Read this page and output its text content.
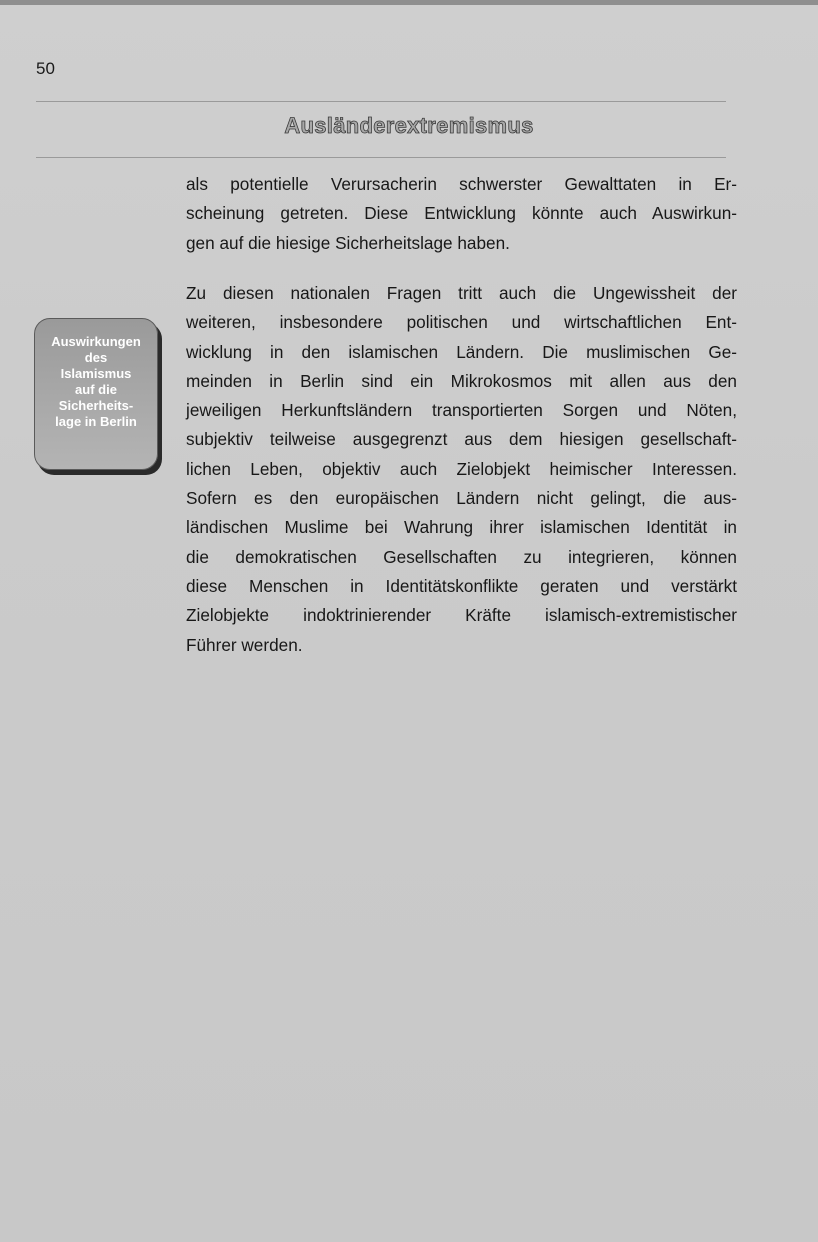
50
Ausländerextremismus
Auswirkungen
des
Islamismus
auf die
Sicherheits-
lage in Berlin
als potentielle Verursacherin schwerster Gewalttaten in Er-
scheinung getreten. Diese Entwicklung könnte auch Auswirkun-
gen auf die hiesige Sicherheitslage haben.
Zu diesen nationalen Fragen tritt auch die Ungewissheit der
weiteren, insbesondere politischen und wirtschaftlichen Ent-
wicklung in den islamischen Ländern. Die muslimischen Ge-
meinden in Berlin sind ein Mikrokosmos mit allen aus den
jeweiligen Herkunftsländern transportierten Sorgen und Nöten,
subjektiv teilweise ausgegrenzt aus dem hiesigen gesellschaft-
lichen Leben, objektiv auch Zielobjekt heimischer Interessen.
Sofern es den europäischen Ländern nicht gelingt, die aus-
ländischen Muslime bei Wahrung ihrer islamischen Identität in
die demokratischen Gesellschaften zu integrieren, können
diese Menschen in Identitätskonflikte geraten und verstärkt
Zielobjekte indoktrinierender Kräfte islamisch-extremistischer
Führer werden.
